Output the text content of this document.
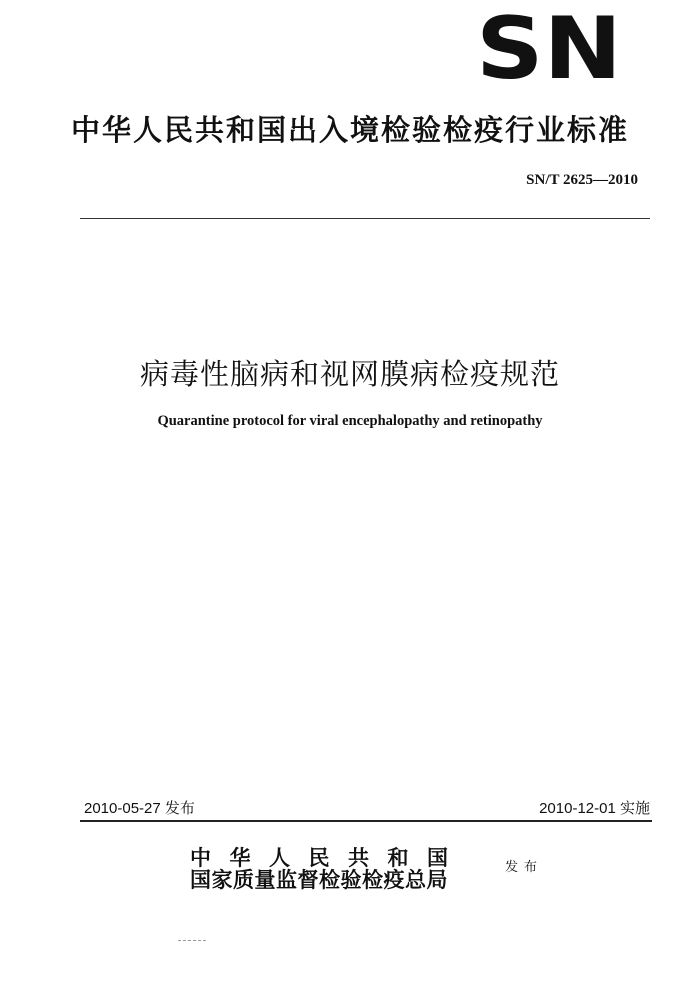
SN
中华人民共和国出入境检验检疫行业标准
SN/T 2625—2010
病毒性脑病和视网膜病检疫规范
Quarantine protocol for viral encephalopathy and retinopathy
2010-05-27 发布	2010-12-01 实施
中华人民共和国
国家质量监督检验检疫总局	发布
